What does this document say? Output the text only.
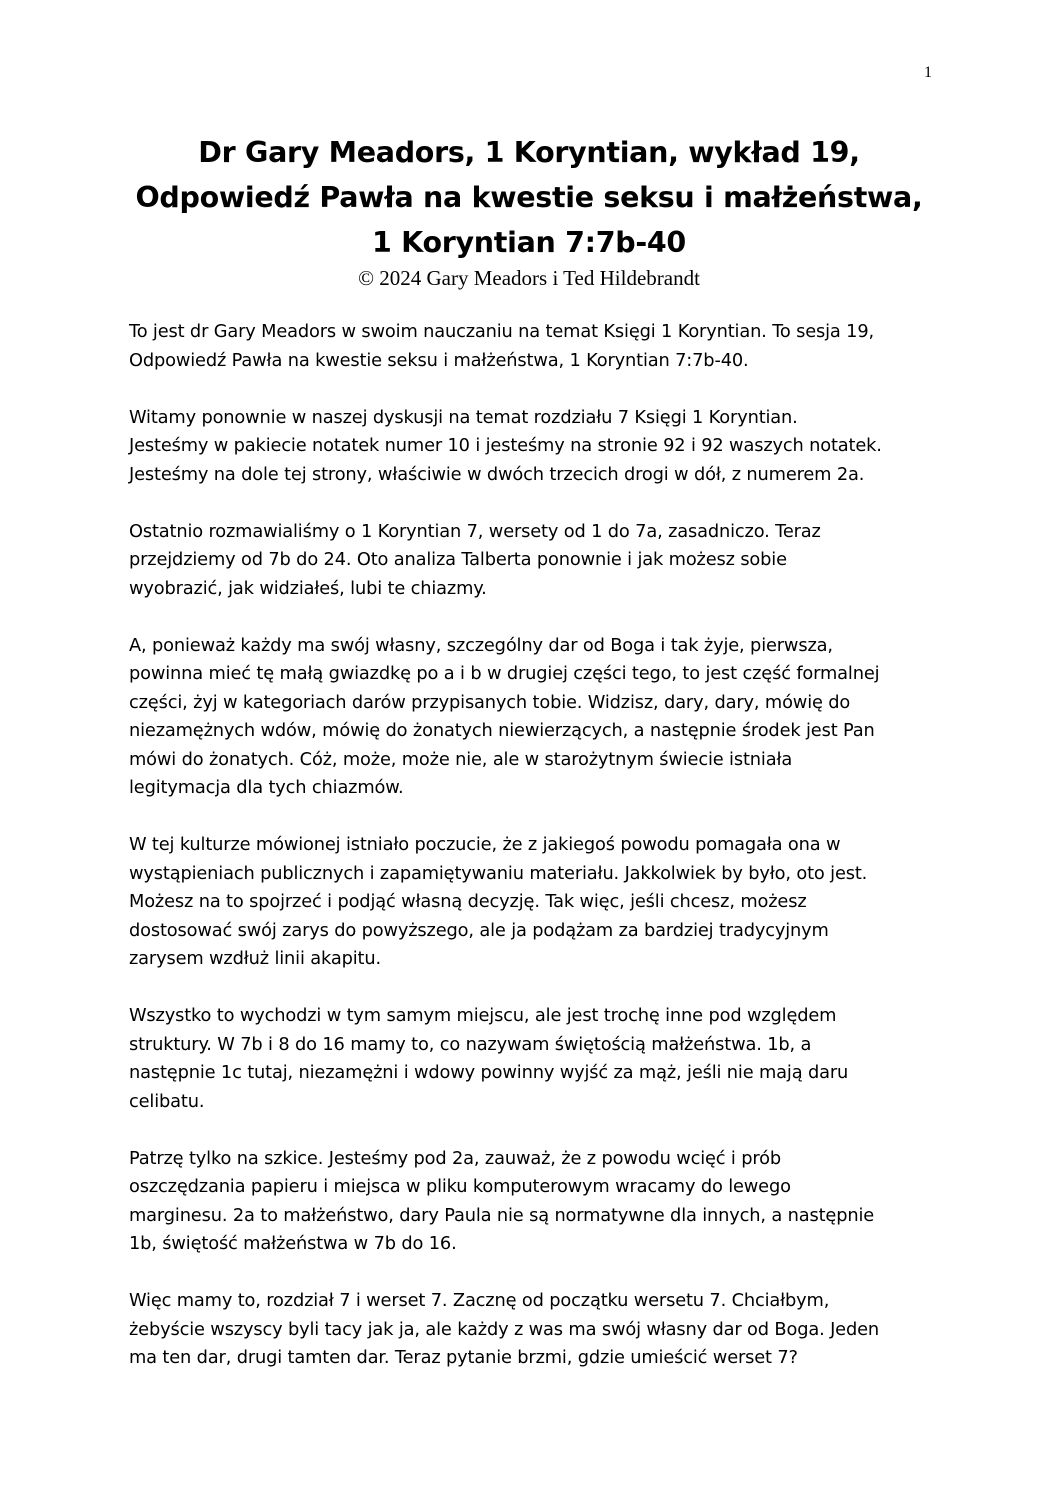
1
Dr Gary Meadors, 1 Koryntian, wykład 19,
Odpowiedź Pawła na kwestie seksu i małżeństwa,
1 Koryntian 7:7b-40
© 2024 Gary Meadors i Ted Hildebrandt

To jest dr Gary Meadors w swoim nauczaniu na temat Księgi 1 Koryntian. To sesja 19,
Odpowiedź Pawła na kwestie seksu i małżeństwa, 1 Koryntian 7:7b-40.

Witamy ponownie w naszej dyskusji na temat rozdziału 7 Księgi 1 Koryntian.
Jesteśmy w pakiecie notatek numer 10 i jesteśmy na stronie 92 i 92 waszych notatek.
Jesteśmy na dole tej strony, właściwie w dwóch trzecich drogi w dół, z numerem 2a.

Ostatnio rozmawialiśmy o 1 Koryntian 7, wersety od 1 do 7a, zasadniczo. Teraz
przejdziemy od 7b do 24. Oto analiza Talberta ponownie i jak możesz sobie
wyobrazić, jak widziałeś, lubi te chiazmy.

A, ponieważ każdy ma swój własny, szczególny dar od Boga i tak żyje, pierwsza,
powinna mieć tę małą gwiazdkę po a i b w drugiej części tego, to jest część formalnej
części, żyj w kategoriach darów przypisanych tobie. Widzisz, dary, dary, mówię do
niezamężnych wdów, mówię do żonatych niewierzących, a następnie środek jest Pan
mówi do żonatych. Cóż, może, może nie, ale w starożytnym świecie istniała
legitymacja dla tych chiazmów.

W tej kulturze mówionej istniało poczucie, że z jakiegoś powodu pomagała ona w
wystąpieniach publicznych i zapamiętywaniu materiału. Jakkolwiek by było, oto jest.
Możesz na to spojrzeć i podjąć własną decyzję. Tak więc, jeśli chcesz, możesz
dostosować swój zarys do powyższego, ale ja podążam za bardziej tradycyjnym
zarysem wzdłuż linii akapitu.

Wszystko to wychodzi w tym samym miejscu, ale jest trochę inne pod względem
struktury. W 7b i 8 do 16 mamy to, co nazywam świętością małżeństwa. 1b, a
następnie 1c tutaj, niezamężni i wdowy powinny wyjść za mąż, jeśli nie mają daru
celibatu.

Patrzę tylko na szkice. Jesteśmy pod 2a, zauważ, że z powodu wcięć i prób
oszczędzania papieru i miejsca w pliku komputerowym wracamy do lewego
marginesu. 2a to małżeństwo, dary Paula nie są normatywne dla innych, a następnie
1b, świętość małżeństwa w 7b do 16.

Więc mamy to, rozdział 7 i werset 7. Zacznę od początku wersetu 7. Chciałbym,
żebyście wszyscy byli tacy jak ja, ale każdy z was ma swój własny dar od Boga. Jeden
ma ten dar, drugi tamten dar. Teraz pytanie brzmi, gdzie umieścić werset 7?
